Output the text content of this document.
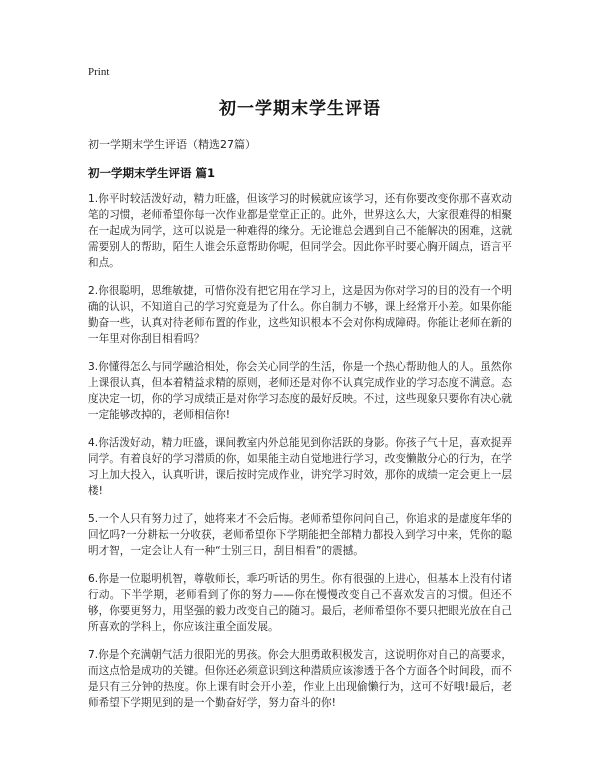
Print
初一学期末学生评语
初一学期末学生评语（精选27篇）
初一学期末学生评语 篇1

1.你平时较活泼好动，精力旺盛，但该学习的时候就应该学习，还有你要改变你那不喜欢动笔的习惯，老师希望你每一次作业都是堂堂正正的。此外，世界这么大，大家很难得的相聚在一起成为同学，这可以说是一种难得的缘分。无论谁总会遇到自己不能解决的困难，这就需要别人的帮助，陌生人谁会乐意帮助你呢，但同学会。因此你平时要心胸开阔点，语言平和点。

2.你很聪明，思维敏捷，可惜你没有把它用在学习上，这是因为你对学习的目的没有一个明确的认识，不知道自己的学习究竟是为了什么。你自制力不够，课上经常开小差。如果你能勤奋一些，认真对待老师布置的作业，这些知识根本不会对你构成障碍。你能让老师在新的一年里对你刮目相看吗？

3.你懂得怎么与同学融洽相处，你会关心同学的生活，你是一个热心帮助他人的人。虽然你上课很认真，但本着精益求精的原则，老师还是对你不认真完成作业的学习态度不满意。态度决定一切，你的学习成绩正是对你学习态度的最好反映。不过，这些现象只要你有决心就一定能够改掉的，老师相信你!

4.你活泼好动，精力旺盛，课间教室内外总能见到你活跃的身影。你孩子气十足，喜欢捉弄同学。有着良好的学习潜质的你，如果能主动自觉地进行学习，改变懒散分心的行为，在学习上加大投入，认真听讲，课后按时完成作业，讲究学习时效，那你的成绩一定会更上一层楼!

5.一个人只有努力过了，她将来才不会后悔。老师希望你问问自己，你追求的是虚度年华的回忆吗?一分耕耘一分收获，老师希望你下学期能把全部精力都投入到学习中来，凭你的聪明才智，一定会让人有一种“士别三日，刮目相看”的震撼。

6.你是一位聪明机智，尊敬师长，乖巧听话的男生。你有很强的上进心，但基本上没有付诸行动。下半学期，老师看到了你的努力——你在慢慢改变自己不喜欢发言的习惯。但还不够，你要更努力，用坚强的毅力改变自己的随习。最后，老师希望你不要只把眼光放在自己所喜欢的学科上，你应该注重全面发展。

7.你是个充满朝气活力很阳光的男孩。你会大胆勇敢积极发言，这说明你对自己的高要求，而这点恰是成功的关键。但你还必须意识到这种潜质应该渗透于各个方面各个时间段，而不是只有三分钟的热度。你上课有时会开小差，作业上出现偷懒行为，这可不好哦!最后，老师希望下学期见到的是一个勤奋好学，努力奋斗的你!
